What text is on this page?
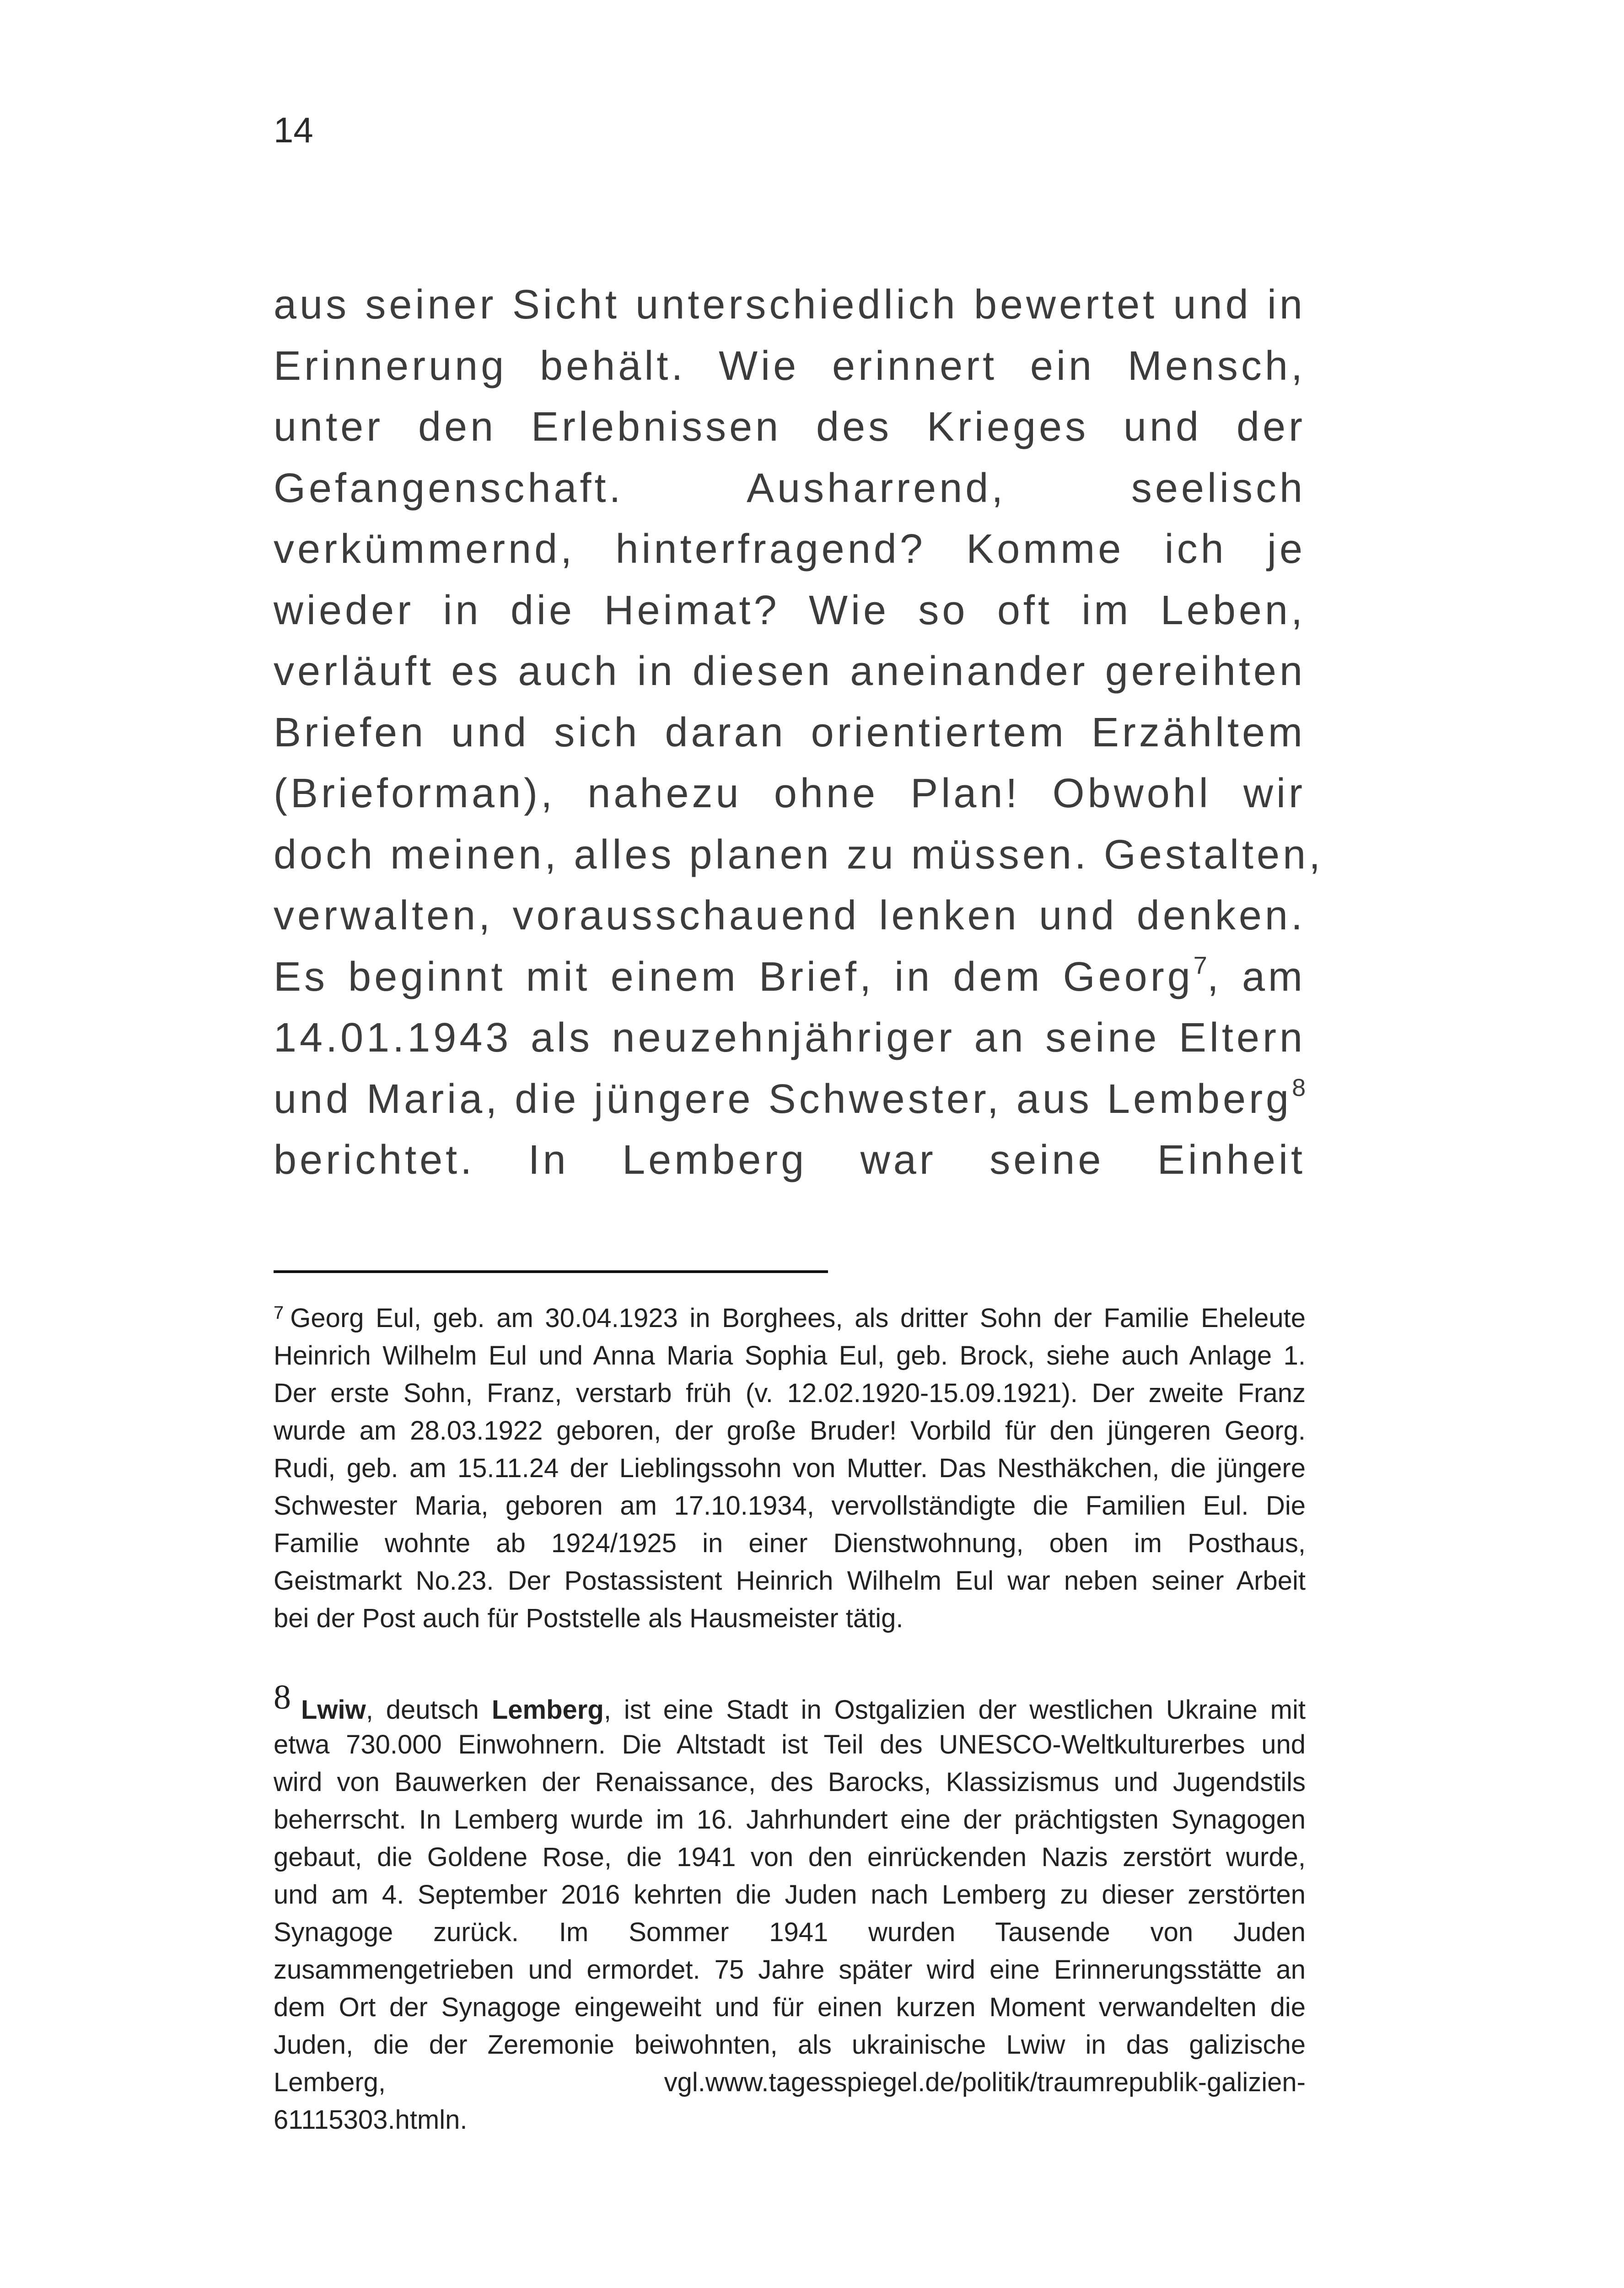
14
aus seiner Sicht unterschiedlich bewertet und in
Erinnerung behält. Wie erinnert ein Mensch,
unter den Erlebnissen des Krieges und der
Gefangenschaft. Ausharrend, seelisch
verkümmernd, hinterfragend? Komme ich je
wieder in die Heimat? Wie so oft im Leben,
verläuft es auch in diesen aneinander gereihten
Briefen und sich daran orientiertem Erzähltem
(Brieforman), nahezu ohne Plan! Obwohl wir
doch meinen, alles planen zu müssen. Gestalten,
verwalten, vorausschauend lenken und denken.
Es beginnt mit einem Brief, in dem Georg$^7$, am
14.01.1943 als neuzehnjähriger an seine Eltern
und Maria, die jüngere Schwester, aus Lemberg$^8$
berichtet. In Lemberg war seine Einheit
$^7$ Georg Eul, geb. am 30.04.1923 in Borghees, als dritter Sohn der Familie Eheleute
Heinrich Wilhelm Eul und Anna Maria Sophia Eul, geb. Brock, siehe auch Anlage 1.
Der erste Sohn, Franz, verstarb früh (v. 12.02.1920-15.09.1921). Der zweite Franz
wurde am 28.03.1922 geboren, der große Bruder! Vorbild für den jüngeren Georg.
Rudi, geb. am 15.11.24 der Lieblingssohn von Mutter. Das Nesthäkchen, die jüngere
Schwester Maria, geboren am 17.10.1934, vervollständigte die Familien Eul. Die
Familie wohnte ab 1924/1925 in einer Dienstwohnung, oben im Posthaus,
Geistmarkt No.23. Der Postassistent Heinrich Wilhelm Eul war neben seiner Arbeit
bei der Post auch für Poststelle als Hausmeister tätig.
8 Lwiw, deutsch Lemberg, ist eine Stadt in Ostgalizien der westlichen Ukraine mit
etwa 730.000 Einwohnern. Die Altstadt ist Teil des UNESCO-Weltkulturerbes und
wird von Bauwerken der Renaissance, des Barocks, Klassizismus und Jugendstils
beherrscht. In Lemberg wurde im 16. Jahrhundert eine der prächtigsten Synagogen
gebaut, die Goldene Rose, die 1941 von den einrückenden Nazis zerstört wurde,
und am 4. September 2016 kehrten die Juden nach Lemberg zu dieser zerstörten
Synagoge zurück. Im Sommer 1941 wurden Tausende von Juden
zusammengetrieben und ermordet. 75 Jahre später wird eine Erinnerungsstätte an
dem Ort der Synagoge eingeweiht und für einen kurzen Moment verwandelten die
Juden, die der Zeremonie beiwohnten, als ukrainische Lwiw in das galizische
Lemberg, vgl.www.tagesspiegel.de/politik/traumrepublik-galizien-
61115303.htmln.
